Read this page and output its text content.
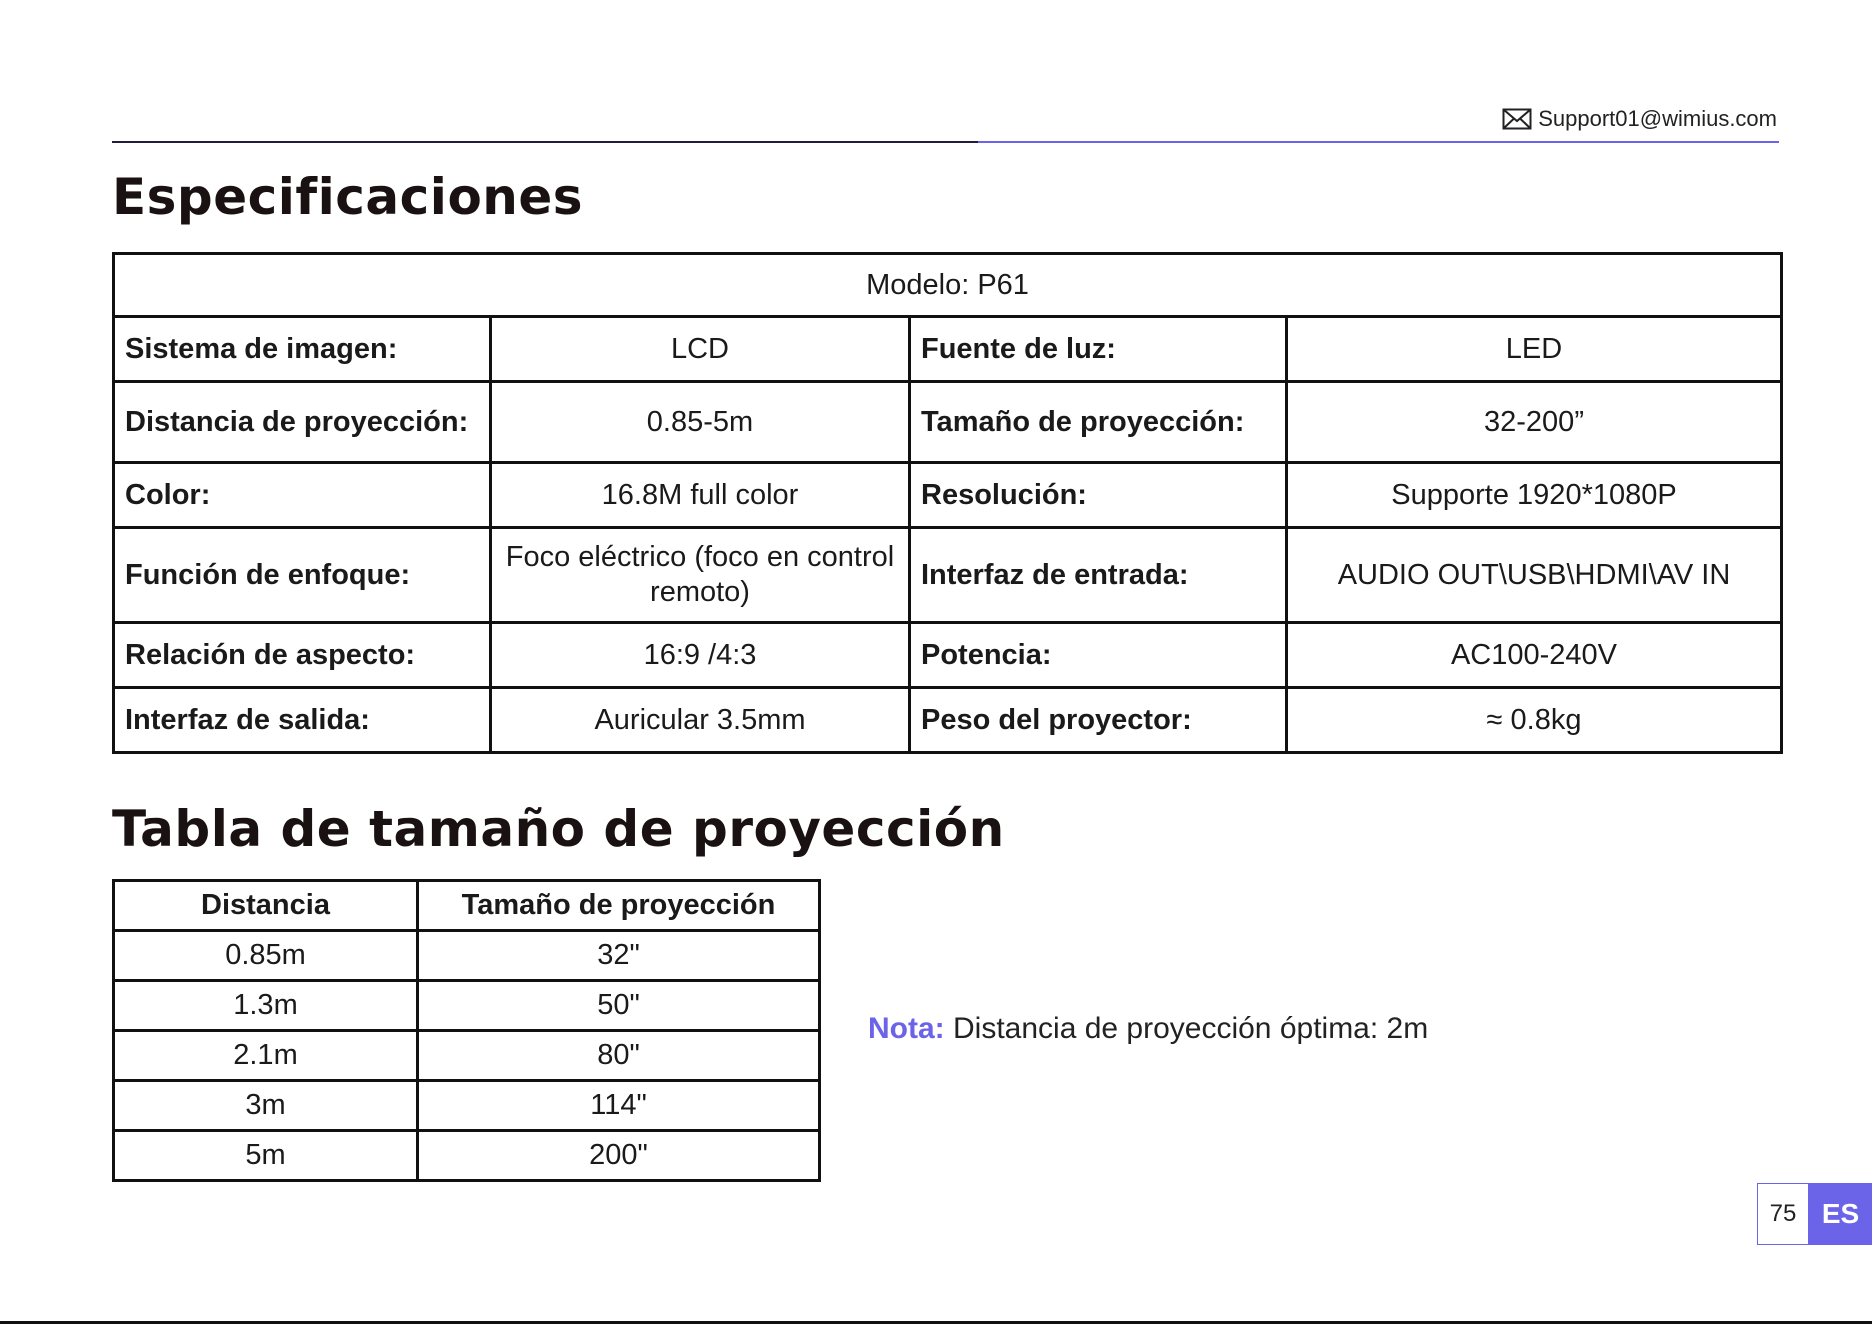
Support01@wimius.com
Especificaciones
Modelo: P61			
Sistema de imagen:	LCD	Fuente de luz:	LED
Distancia de proyección:	0.85-5m	Tamaño de proyección:	32-200”
Color:	16.8M full color	Resolución:	Supporte 1920*1080P
Función de enfoque:	Foco eléctrico (foco en control remoto)	Interfaz de entrada:	AUDIO OUT\USB\HDMI\AV IN
Relación de aspecto:	16:9 /4:3	Potencia:	AC100-240V
Interfaz de salida:	Auricular 3.5mm	Peso del proyector:	≈ 0.8kg
Tabla de tamaño de proyección
Distancia	Tamaño de proyección
0.85m	32"
1.3m	50"
2.1m	80"
3m	114"
5m	200"
Nota: Distancia de proyección óptima: 2m
75 ES
